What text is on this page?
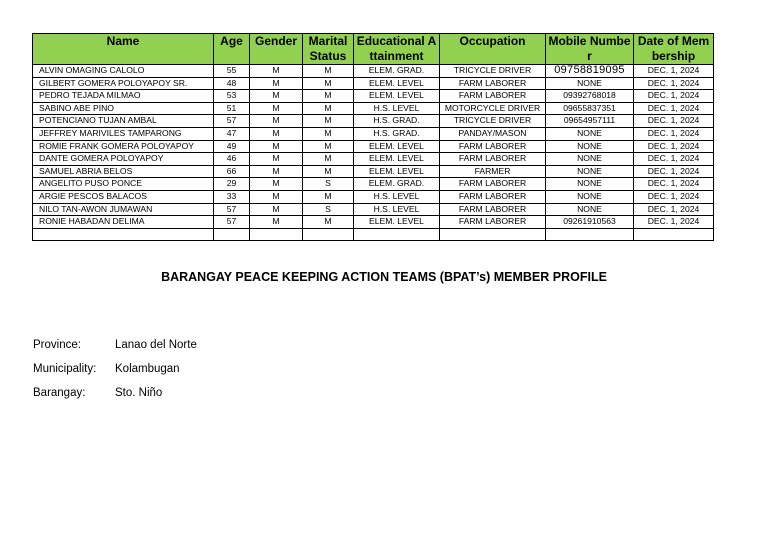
Name	Age	Gender	Marital Status	Educational Attainment	Occupation	Mobile Number	Date of Membership
ALVIN OMAGING CALOLO	55	M	M	ELEM. GRAD.	TRICYCLE DRIVER	09758819095	DEC. 1, 2024
GILBERT GOMERA POLOYAPOY SR.	48	M	M	ELEM. LEVEL	FARM LABORER	NONE	DEC. 1, 2024
PEDRO TEJADA MILMAO	53	M	M	ELEM. LEVEL	FARM LABORER	09392768018	DEC. 1, 2024
SABINO ABE PINO	51	M	M	H.S. LEVEL	MOTORCYCLE DRIVER	09655837351	DEC. 1, 2024
POTENCIANO TUJAN AMBAL	57	M	M	H.S. GRAD.	TRICYCLE DRIVER	09654957111	DEC. 1, 2024
JEFFREY MARIVILES TAMPARONG	47	M	M	H.S. GRAD.	PANDAY/MASON	NONE	DEC. 1, 2024
ROMIE FRANK GOMERA POLOYAPOY	49	M	M	ELEM. LEVEL	FARM LABORER	NONE	DEC. 1, 2024
DANTE GOMERA POLOYAPOY	46	M	M	ELEM. LEVEL	FARM LABORER	NONE	DEC. 1, 2024
SAMUEL ABRIA BELOS	66	M	M	ELEM. LEVEL	FARMER	NONE	DEC. 1, 2024
ANGELITO PUSO PONCE	29	M	S	ELEM. GRAD.	FARM LABORER	NONE	DEC. 1, 2024
ARGIE PESCOS BALACOS	33	M	M	H.S. LEVEL	FARM LABORER	NONE	DEC. 1, 2024
NILO TAN-AWON JUMAWAN	57	M	S	H.S. LEVEL	FARM LABORER	NONE	DEC. 1, 2024
RONIE HABADAN DELIMA	57	M	M	ELEM. LEVEL	FARM LABORER	09261910563	DEC. 1, 2024

BARANGAY PEACE KEEPING ACTION TEAMS (BPAT’s) MEMBER PROFILE
Province:	Lanao del Norte
Municipality: Kolambugan
Barangay:	Sto. Niño
